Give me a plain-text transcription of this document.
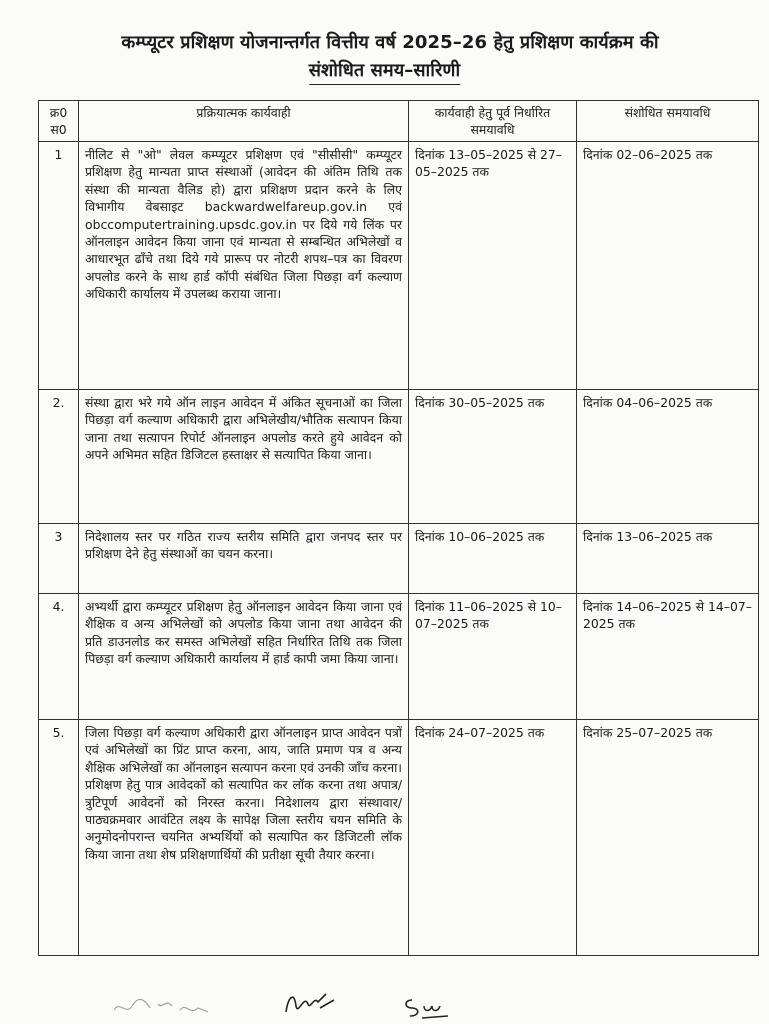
कम्प्यूटर प्रशिक्षण योजनान्तर्गत वित्तीय वर्ष 2025–26 हेतु प्रशिक्षण कार्यक्रम की
संशोधित समय–सारिणी
क्र0 स0	प्रक्रियात्मक कार्यवाही	कार्यवाही हेतु पूर्व निर्धारित समयावधि	संशोधित समयावधि
1	नीलिट से "ओ" लेवल कम्प्यूटर प्रशिक्षण एवं "सीसीसी" कम्प्यूटर प्रशिक्षण हेतु मान्यता प्राप्त संस्थाओं (आवेदन की अंतिम तिथि तक संस्था की मान्यता वैलिड हो) द्वारा प्रशिक्षण प्रदान करने के लिए विभागीय वेबसाइट backwardwelfareup.gov.in एवं obccomputertraining.upsdc.gov.in पर दिये गये लिंक पर ऑनलाइन आवेदन किया जाना एवं मान्यता से सम्बन्धित अभिलेखों व आधारभूत ढाँचे तथा दिये गये प्रारूप पर नोटरी शपथ–पत्र का विवरण अपलोड करने के साथ हार्ड कॉपी संबंधित जिला पिछड़ा वर्ग कल्याण अधिकारी कार्यालय में उपलब्ध कराया जाना।	दिनांक 13–05–2025 से 27–05–2025 तक	दिनांक 02–06–2025 तक
2.	संस्था द्वारा भरे गये ऑन लाइन आवेदन में अंकित सूचनाओं का जिला पिछड़ा वर्ग कल्याण अधिकारी द्वारा अभिलेखीय/भौतिक सत्यापन किया जाना तथा सत्यापन रिपोर्ट ऑनलाइन अपलोड करते हुये आवेदन को अपने अभिमत सहित डिजिटल हस्ताक्षर से सत्यापित किया जाना।	दिनांक 30–05–2025 तक	दिनांक 04–06–2025 तक
3	निदेशालय स्तर पर गठित राज्य स्तरीय समिति द्वारा जनपद स्तर पर प्रशिक्षण देने हेतु संस्थाओं का चयन करना।	दिनांक 10–06–2025 तक	दिनांक 13–06–2025 तक
4.	अभ्यर्थी द्वारा कम्प्यूटर प्रशिक्षण हेतु ऑनलाइन आवेदन किया जाना एवं शैक्षिक व अन्य अभिलेखों को अपलोड किया जाना तथा आवेदन की प्रति डाउनलोड कर समस्त अभिलेखों सहित निर्धारित तिथि तक जिला पिछड़ा वर्ग कल्याण अधिकारी कार्यालय में हार्ड कापी जमा किया जाना।	दिनांक 11–06–2025 से 10–07–2025 तक	दिनांक 14–06–2025 से 14–07–2025 तक
5.	जिला पिछड़ा वर्ग कल्याण अधिकारी द्वारा ऑनलाइन प्राप्त आवेदन पत्रों एवं अभिलेखों का प्रिंट प्राप्त करना, आय, जाति प्रमाण पत्र व अन्य शैक्षिक अभिलेखों का ऑनलाइन सत्यापन करना एवं उनकी जाँच करना। प्रशिक्षण हेतु पात्र आवेदकों को सत्यापित कर लॉक करना तथा अपात्र/त्रुटिपूर्ण आवेदनों को निरस्त करना। निदेशालय द्वारा संस्थावार/पाठ्यक्रमवार आवंटित लक्ष्य के सापेक्ष जिला स्तरीय चयन समिति के अनुमोदनोपरान्त चयनित अभ्यर्थियों को सत्यापित कर डिजिटली लॉक किया जाना तथा शेष प्रशिक्षणार्थियों की प्रतीक्षा सूची तैयार करना।	दिनांक 24–07–2025 तक	दिनांक 25–07–2025 तक
